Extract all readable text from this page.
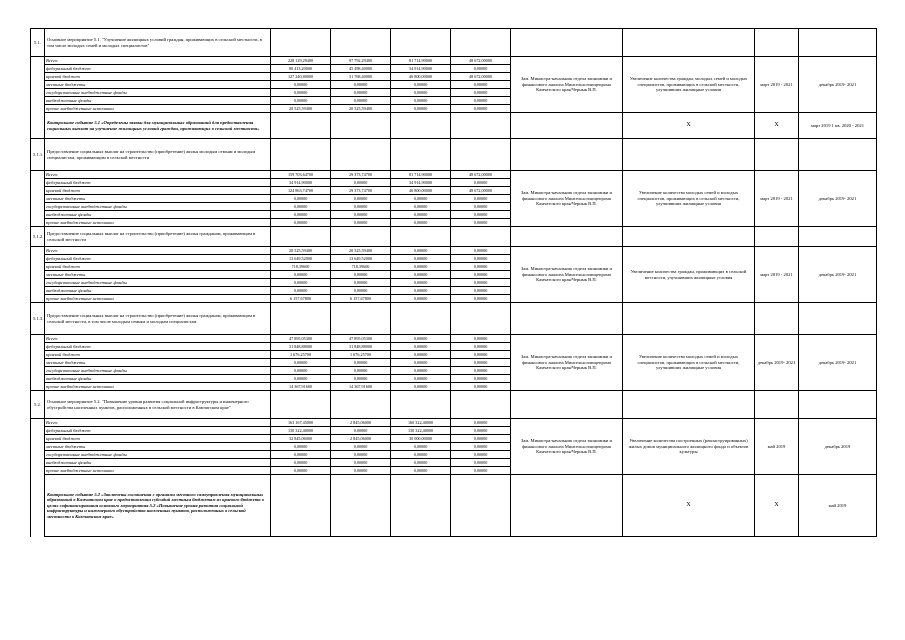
5.1.	Основное мероприятие 5.1. "Улучшение жилищных условий граждан, проживающих в сельской местности, в том числе молодых семей и молодых специалистов"								
	Всего:	228 129,29400	97 792,29400	81 714,90000	48 672,00000	Зам. Министра-начальник отдела экономики и финансового анализа Минсельхозпищепрома Камчатского края/Чернык В.П.	Увеличение количества граждан, молодых семей и молодых специалистов, проживающих в сельской местности, улучшивших жилищные условия	март 2019 - 2021	декабрь 2019- 2021
	федеральный бюджет	80 413,20000	45 498,40000	34 914,90000	0,00000				
	краевой бюджет	127 240,80000	31 768,40000	46 800,00000	48 672,00000				
	местные бюджеты	0,00000	0,00000	0,00000	0,00000				
	государственные внебюджетные фонды	0,00000	0,00000	0,00000	0,00000				
	внебюджетные фонды	0,00000	0,00000	0,00000	0,00000				
	прочие внебюджетные источники	20 525,59400	20 525,59400	0,00000	0,00000				
	Контрольное событие 5.1 «Определены заявки для муниципальных образований для предоставления социальных выплат на улучшение жилищных условий граждан, проживающих в сельской местности»						Х	Х	март 2019 1 кв. 2020 - 2021
5.1.1.	Предоставление социальных выплат на строительство (приобретение) жилья молодым семьям и молодым специалистам, проживающим в сельской местности								
	Всего:	159 703,64700	29 373,74700	81 714,90000	48 672,00000	Зам. Министра-начальник отдела экономики и финансового анализа Минсельхозпищепрома Камчатского края/Чернык В.П.	Увеличение количества молодых семей и молодых специалистов, проживающих в сельской местности, улучшивших жилищные условия	март 2019 - 2021	декабрь 2019- 2021
	федеральный бюджет	34 914,90000	0,00000	34 914,90000	0,00000				
	краевой бюджет	124 863,74700	29 373,74700	46 800,00000	48 672,00000				
	местные бюджеты	0,00000	0,00000	0,00000	0,00000				
	государственные внебюджетные фонды	0,00000	0,00000	0,00000	0,00000				
	внебюджетные фонды	0,00000	0,00000	0,00000	0,00000				
	прочие внебюджетные источники	0,00000	0,00000	0,00000	0,00000				
5.1.2.	Предоставление социальных выплат на строительство (приобретение) жилья гражданам, проживающим в сельской местности								
	Всего:	20 525,59400	20 525,59400	0,00000	0,00000	Зам. Министра-начальник отдела экономики и финансового анализа Минсельхозпищепрома Камчатского края/Чернык В.П.	Увеличение количества граждан, проживающих в сельской местности, улучшивших жилищные условия	март 2019 - 2021	декабрь 2019- 2021
	федеральный бюджет	13 649,52000	13 649,52000	0,00000	0,00000				
	краевой бюджет	718,39600	718,39600	0,00000	0,00000				
	местные бюджеты	0,00000	0,00000	0,00000	0,00000				
	государственные внебюджетные фонды	0,00000	0,00000	0,00000	0,00000				
	внебюджетные фонды	0,00000	0,00000	0,00000	0,00000				
	прочие внебюджетные источники	6 157,67800	6 157,67800	0,00000	0,00000				
5.1.3.	Предоставление социальных выплат на строительство (приобретение) жилья гражданам, проживающим в сельской местности, в том числе молодым семьям и молодым специалистам								
	Всего:	47 895,05300	47 895,05300	0,00000	0,00000	Зам. Министра-начальник отдела экономики и финансового анализа Минсельхозпищепрома Камчатского края/Чернык В.П.	Увеличение количества молодых семей и молодых специалистов, проживающих в сельской местности, улучшивших жилищные условия	декабрь 2019- 2021	декабрь 2019- 2021
	федеральный бюджет	31 848,88000	31 848,88000	0,00000	0,00000				
	краевой бюджет	1 676,25700	1 676,25700	0,00000	0,00000				
	местные бюджеты	0,00000	0,00000	0,00000	0,00000				
	государственные внебюджетные фонды	0,00000	0,00000	0,00000	0,00000				
	внебюджетные фонды	0,00000	0,00000	0,00000	0,00000				
	прочие внебюджетные источники	14 367,91600	14 367,91600	0,00000	0,00000				
5.2.	Основное мероприятие 5.2. "Повышение уровня развития социальной инфраструктуры и инженерного обустройства населенных пунктов, расположенных в сельской местности в Камчатском крае"								
	Всего:	163 167,45000	2 845,06000	160 322,40000	0,00000	Зам. Министра-начальник отдела экономики и финансового анализа Минсельхозпищепрома Камчатского края/Чернык В.П.	Увеличение количества построенных (реконструированных) жилых домов муниципального жилищного фонда и объектов культуры	май 2019	декабрь 2019
	федеральный бюджет	130 322,40000	0,00000	130 322,40000	0,00000				
	краевой бюджет	32 845,06000	2 845,06000	30 000,00000	0,00000				
	местные бюджеты	0,00000	0,00000	0,00000	0,00000				
	государственные внебюджетные фонды	0,00000	0,00000	0,00000	0,00000				
	внебюджетные фонды	0,00000	0,00000	0,00000	0,00000				
	прочие внебюджетные источники	0,00000	0,00000	0,00000	0,00000				
	Контрольное событие 5.2 «Заключены соглашения с органами местного самоуправления муниципальных образований в Камчатском крае о предоставлении субсидий местным бюджетам из краевого бюджета в целях софинансирования основного мероприятия 5.2 «Повышение уровня развития социальной инфраструктуры и инженерного обустройства населенных пунктов, расположенных в сельской местности в Камчатском крае»						Х	Х	май 2019
